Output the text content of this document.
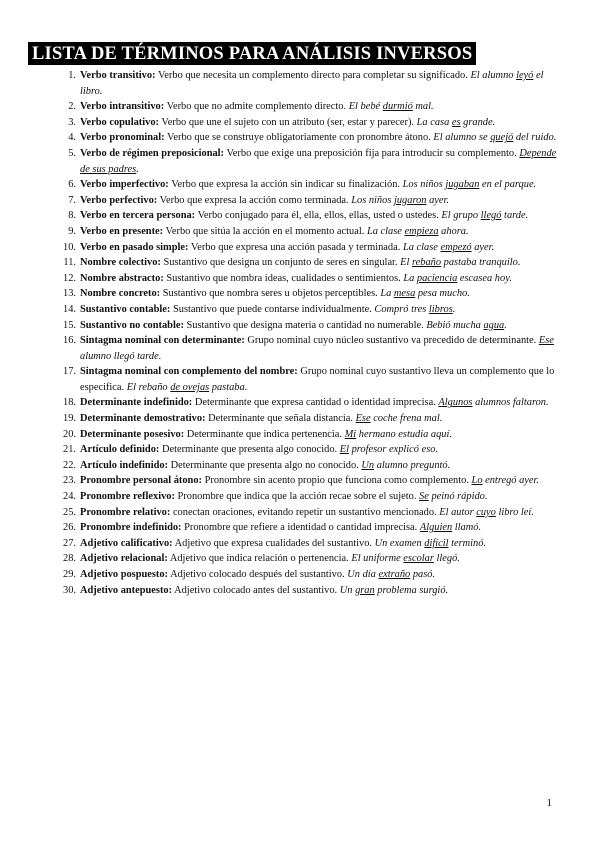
LISTA DE TÉRMINOS PARA ANÁLISIS INVERSOS
1. Verbo transitivo: Verbo que necesita un complemento directo para completar su significado. El alumno leyó el libro.
2. Verbo intransitivo: Verbo que no admite complemento directo. El bebé durmió mal.
3. Verbo copulativo: Verbo que une el sujeto con un atributo (ser, estar y parecer). La casa es grande.
4. Verbo pronominal: Verbo que se construye obligatoriamente con pronombre átono. El alumno se quejó del ruido.
5. Verbo de régimen preposicional: Verbo que exige una preposición fija para introducir su complemento. Depende de sus padres.
6. Verbo imperfectivo: Verbo que expresa la acción sin indicar su finalización. Los niños jugaban en el parque.
7. Verbo perfectivo: Verbo que expresa la acción como terminada. Los niños jugaron ayer.
8. Verbo en tercera persona: Verbo conjugado para él, ella, ellos, ellas, usted o ustedes. El grupo llegó tarde.
9. Verbo en presente: Verbo que sitúa la acción en el momento actual. La clase empieza ahora.
10. Verbo en pasado simple: Verbo que expresa una acción pasada y terminada. La clase empezó ayer.
11. Nombre colectivo: Sustantivo que designa un conjunto de seres en singular. El rebaño pastaba tranquilo.
12. Nombre abstracto: Sustantivo que nombra ideas, cualidades o sentimientos. La paciencia escasea hoy.
13. Nombre concreto: Sustantivo que nombra seres u objetos perceptibles. La mesa pesa mucho.
14. Sustantivo contable: Sustantivo que puede contarse individualmente. Compró tres libros.
15. Sustantivo no contable: Sustantivo que designa materia o cantidad no numerable. Bebió mucha agua.
16. Sintagma nominal con determinante: Grupo nominal cuyo núcleo sustantivo va precedido de determinante. Ese alumno llegó tarde.
17. Sintagma nominal con complemento del nombre: Grupo nominal cuyo sustantivo lleva un complemento que lo especifica. El rebaño de ovejas pastaba.
18. Determinante indefinido: Determinante que expresa cantidad o identidad imprecisa. Algunos alumnos faltaron.
19. Determinante demostrativo: Determinante que señala distancia. Ese coche frena mal.
20. Determinante posesivo: Determinante que indica pertenencia. Mi hermano estudia aquí.
21. Artículo definido: Determinante que presenta algo conocido. El profesor explicó eso.
22. Artículo indefinido: Determinante que presenta algo no conocido. Un alumno preguntó.
23. Pronombre personal átono: Pronombre sin acento propio que funciona como complemento. Lo entregó ayer.
24. Pronombre reflexivo: Pronombre que indica que la acción recae sobre el sujeto. Se peinó rápido.
25. Pronombre relativo: conectan oraciones, evitando repetir un sustantivo mencionado. El autor cuyo libro leí.
26. Pronombre indefinido: Pronombre que refiere a identidad o cantidad imprecisa. Alguien llamó.
27. Adjetivo calificativo: Adjetivo que expresa cualidades del sustantivo. Un examen difícil terminó.
28. Adjetivo relacional: Adjetivo que indica relación o pertenencia. El uniforme escolar llegó.
29. Adjetivo pospuesto: Adjetivo colocado después del sustantivo. Un día extraño pasó.
30. Adjetivo antepuesto: Adjetivo colocado antes del sustantivo. Un gran problema surgió.
1
